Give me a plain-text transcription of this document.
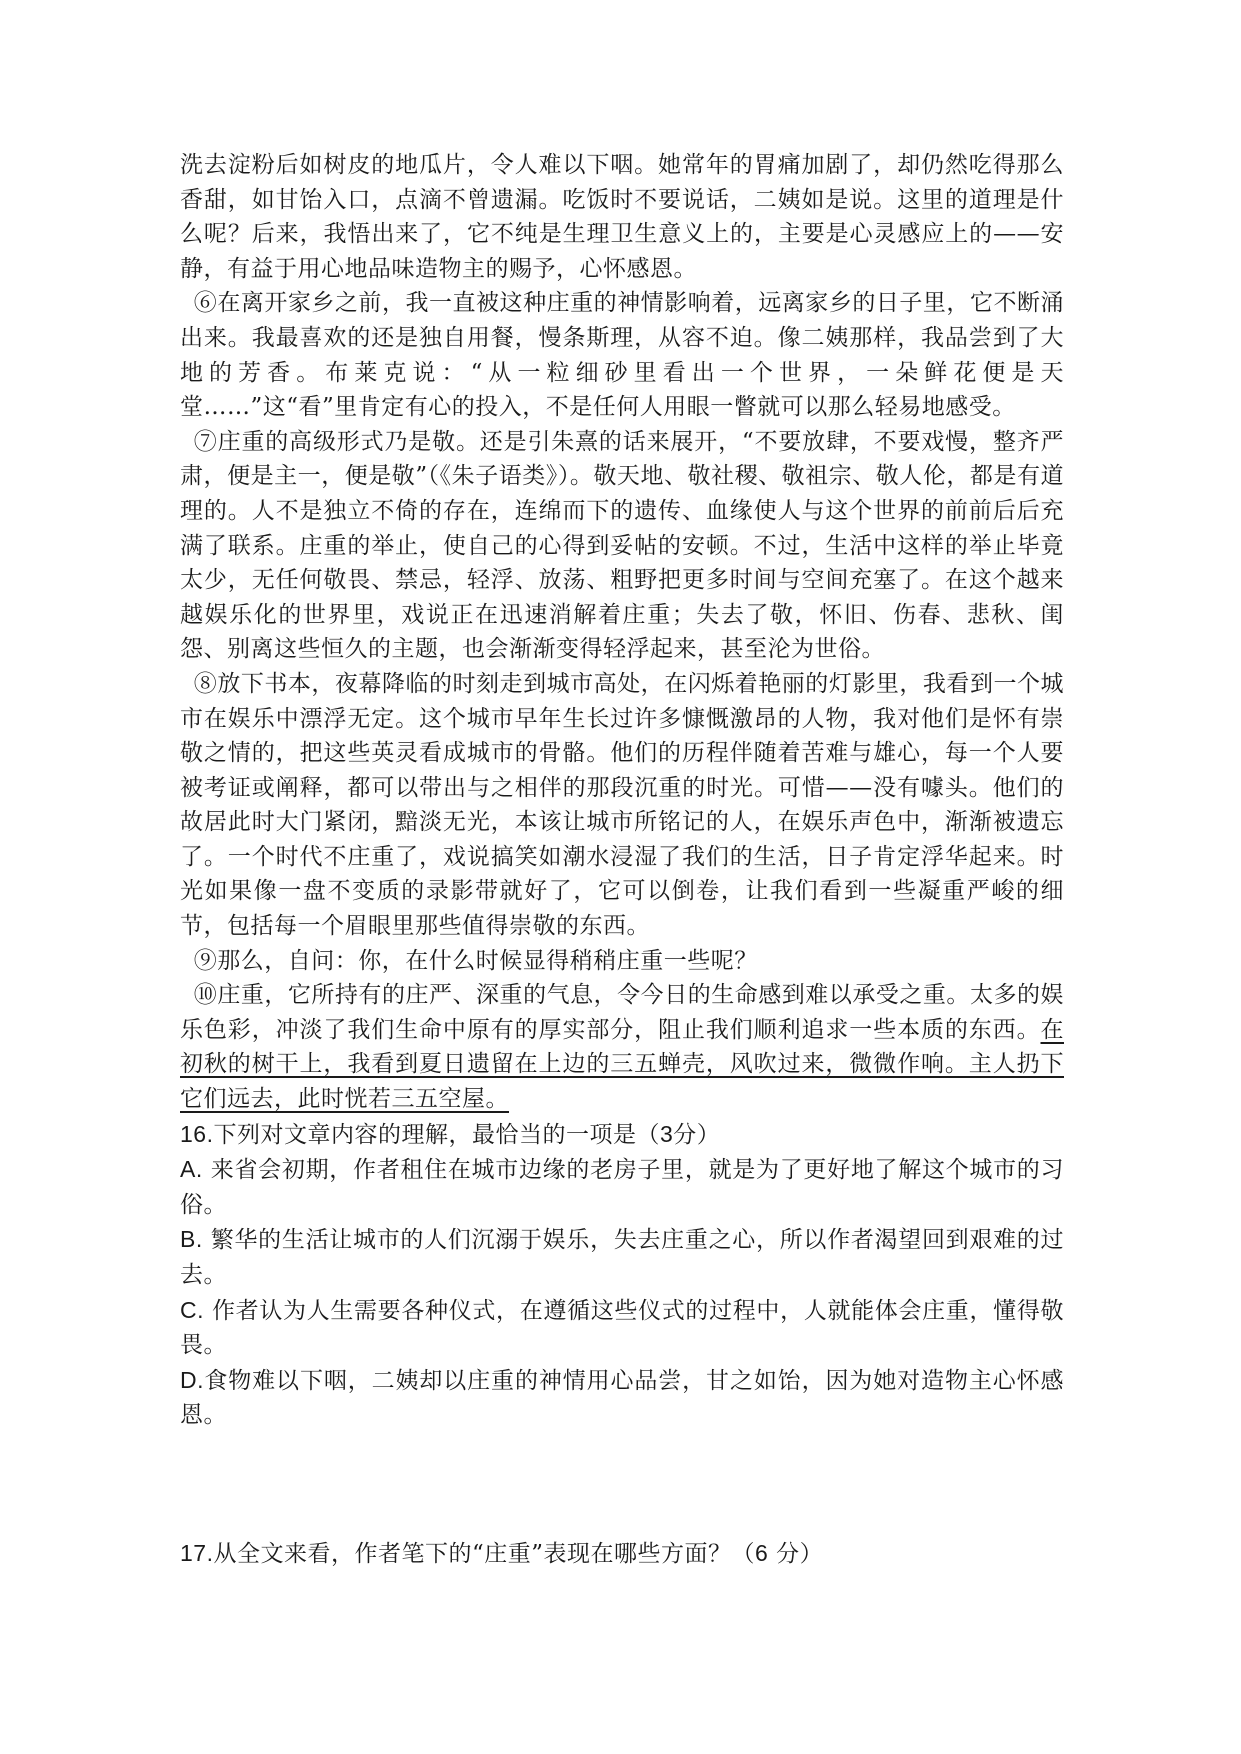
洗去淀粉后如树皮的地瓜片，令人难以下咽。她常年的胃痛加剧了，却仍然吃得那么香甜，如甘饴入口，点滴不曾遗漏。吃饭时不要说话，二姨如是说。这里的道理是什么呢？后来，我悟出来了，它不纯是生理卫生意义上的，主要是心灵感应上的——安静，有益于用心地品味造物主的赐予，心怀感恩。

⑥在离开家乡之前，我一直被这种庄重的神情影响着，远离家乡的日子里，它不断涌出来。我最喜欢的还是独自用餐，慢条斯理，从容不迫。像二姨那样，我品尝到了大地的芳香。布莱克说：“从一粒细砂里看出一个世界，一朵鲜花便是天堂……”这“看”里肯定有心的投入，不是任何人用眼一瞥就可以那么轻易地感受。

⑦庄重的高级形式乃是敬。还是引朱熹的话来展开，“不要放肆，不要戏慢，整齐严肃，便是主一，便是敬”（《朱子语类》）。敬天地、敬社稷、敬祖宗、敬人伦，都是有道理的。人不是独立不倚的存在，连绵而下的遗传、血缘使人与这个世界的前前后后充满了联系。庄重的举止，使自己的心得到妥帖的安顿。不过，生活中这样的举止毕竟太少，无任何敬畏、禁忌，轻浮、放荡、粗野把更多时间与空间充塞了。在这个越来越娱乐化的世界里，戏说正在迅速消解着庄重；失去了敬，怀旧、伤春、悲秋、闺怨、别离这些恒久的主题，也会渐渐变得轻浮起来，甚至沦为世俗。

⑧放下书本，夜幕降临的时刻走到城市高处，在闪烁着艳丽的灯影里，我看到一个城市在娱乐中漂浮无定。这个城市早年生长过许多慷慨激昂的人物，我对他们是怀有崇敬之情的，把这些英灵看成城市的骨骼。他们的历程伴随着苦难与雄心，每一个人要被考证或阐释，都可以带出与之相伴的那段沉重的时光。可惜——没有噱头。他们的故居此时大门紧闭，黯淡无光，本该让城市所铭记的人，在娱乐声色中，渐渐被遗忘了。一个时代不庄重了，戏说搞笑如潮水浸湿了我们的生活，日子肯定浮华起来。时光如果像一盘不变质的录影带就好了，它可以倒卷，让我们看到一些凝重严峻的细节，包括每一个眉眼里那些值得崇敬的东西。

⑨那么，自问：你，在什么时候显得稍稍庄重一些呢？

⑩庄重，它所持有的庄严、深重的气息，令今日的生命感到难以承受之重。太多的娱乐色彩，冲淡了我们生命中原有的厚实部分，阻止我们顺利追求一些本质的东西。在初秋的树干上，我看到夏日遗留在上边的三五蝉壳，风吹过来，微微作响。主人扔下它们远去，此时恍若三五空屋。

16.下列对文章内容的理解，最恰当的一项是（3分）

A. 来省会初期，作者租住在城市边缘的老房子里，就是为了更好地了解这个城市的习俗。

B. 繁华的生活让城市的人们沉溺于娱乐，失去庄重之心，所以作者渴望回到艰难的过去。

C. 作者认为人生需要各种仪式，在遵循这些仪式的过程中，人就能体会庄重，懂得敬畏。

D.食物难以下咽，二姨却以庄重的神情用心品尝，甘之如饴，因为她对造物主心怀感恩。

17.从全文来看，作者笔下的“庄重”表现在哪些方面？（6 分）
